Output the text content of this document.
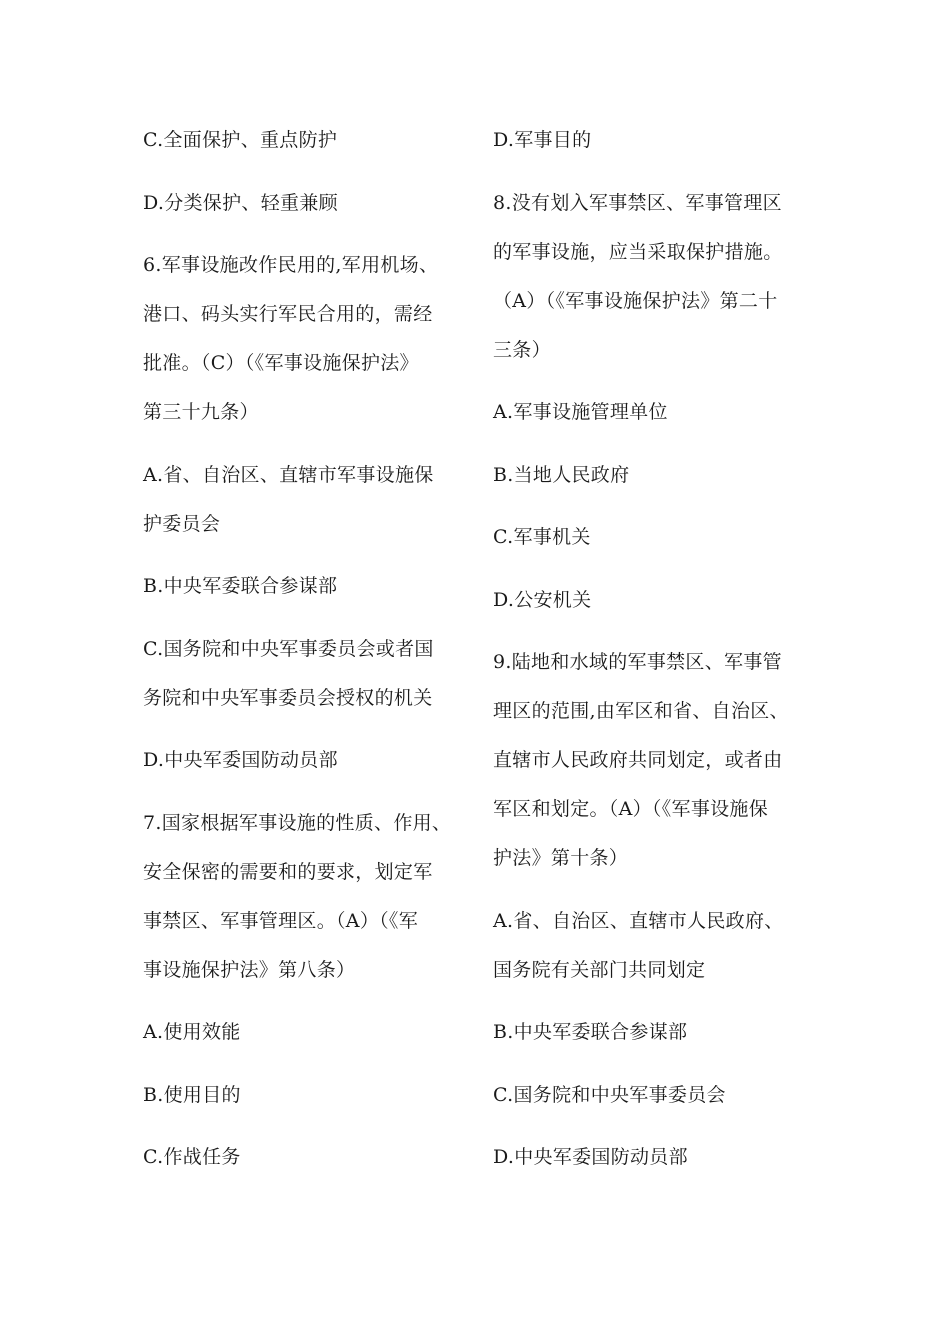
C.全面保护、重点防护
D.分类保护、轻重兼顾
6.军事设施改作民用的,军用机场、
港口、码头实行军民合用的，需经
批准。（C）（《军事设施保护法》
第三十九条）
A.省、自治区、直辖市军事设施保
护委员会
B.中央军委联合参谋部
C.国务院和中央军事委员会或者国
务院和中央军事委员会授权的机关
D.中央军委国防动员部
7.国家根据军事设施的性质、作用、
安全保密的需要和的要求，划定军
事禁区、军事管理区。（A）（《军
事设施保护法》第八条）
A.使用效能
B.使用目的
C.作战任务
D.军事目的
8.没有划入军事禁区、军事管理区
的军事设施，应当采取保护措施。
（A）（《军事设施保护法》第二十
三条）
A.军事设施管理单位
B.当地人民政府
C.军事机关
D.公安机关
9.陆地和水域的军事禁区、军事管
理区的范围,由军区和省、自治区、
直辖市人民政府共同划定，或者由
军区和划定。（A）（《军事设施保
护法》第十条）
A.省、自治区、直辖市人民政府、
国务院有关部门共同划定
B.中央军委联合参谋部
C.国务院和中央军事委员会
D.中央军委国防动员部
